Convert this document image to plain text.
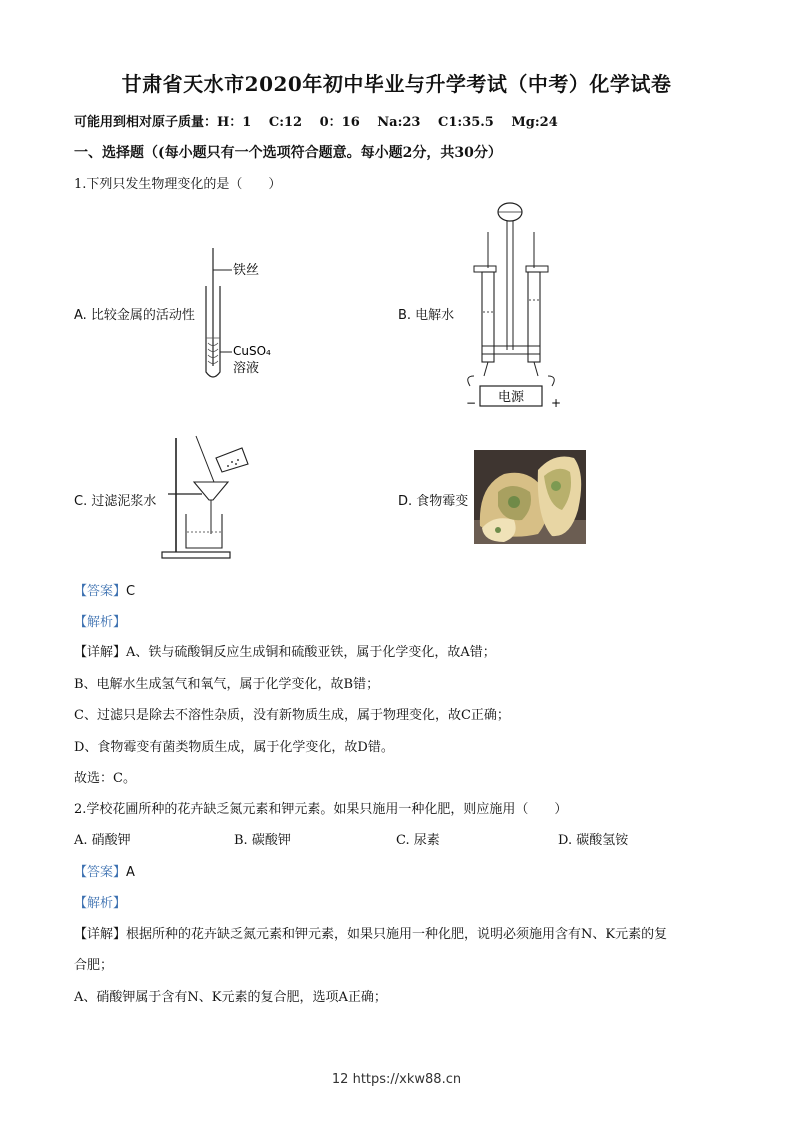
甘肃省天水市2020年初中毕业与升学考试（中考）化学试卷
可能用到相对原子质量：H：1　 C:12　 0：16　 Na:23　 C1:35.5　 Mg:24
一、选择题（(每小题只有一个选项符合题意。每小题2分，共30分）
1.下列只发生物理变化的是（　　）
A. 比较金属的活动性
铁丝
CuSO₄
溶液
B. 电解水
电源
−	+
C. 过滤泥浆水	D. 食物霉变
【答案】C
【解析】
【详解】A、铁与硫酸铜反应生成铜和硫酸亚铁，属于化学变化，故A错；
B、电解水生成氢气和氧气，属于化学变化，故B错；
C、过滤只是除去不溶性杂质，没有新物质生成，属于物理变化，故C正确；
D、食物霉变有菌类物质生成，属于化学变化，故D错。
故选：C。
2.学校花圃所种的花卉缺乏氮元素和钾元素。如果只施用一种化肥，则应施用（　　）
A. 硝酸钾	B. 碳酸钾	C. 尿素	D. 碳酸氢铵
【答案】A
【解析】
【详解】根据所种的花卉缺乏氮元素和钾元素，如果只施用一种化肥，说明必须施用含有N、K元素的复
合肥；
A、硝酸钾属于含有N、K元素的复合肥，选项A正确；
12 https://xkw88.cn
